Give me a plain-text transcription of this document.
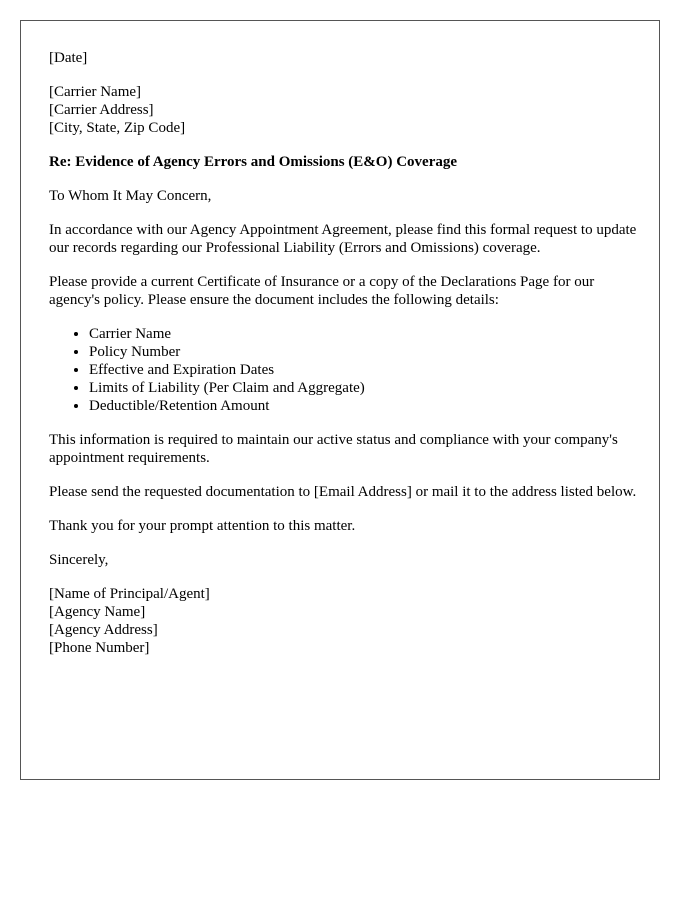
[Date]

[Carrier Name]
[Carrier Address]
[City, State, Zip Code]

Re: Evidence of Agency Errors and Omissions (E&O) Coverage

To Whom It May Concern,

In accordance with our Agency Appointment Agreement, please find this formal request to update our records regarding our Professional Liability (Errors and Omissions) coverage.

Please provide a current Certificate of Insurance or a copy of the Declarations Page for our agency's policy. Please ensure the document includes the following details:

• Carrier Name
• Policy Number
• Effective and Expiration Dates
• Limits of Liability (Per Claim and Aggregate)
• Deductible/Retention Amount

This information is required to maintain our active status and compliance with your company's appointment requirements.

Please send the requested documentation to [Email Address] or mail it to the address listed below.

Thank you for your prompt attention to this matter.

Sincerely,

[Name of Principal/Agent]
[Agency Name]
[Agency Address]
[Phone Number]
